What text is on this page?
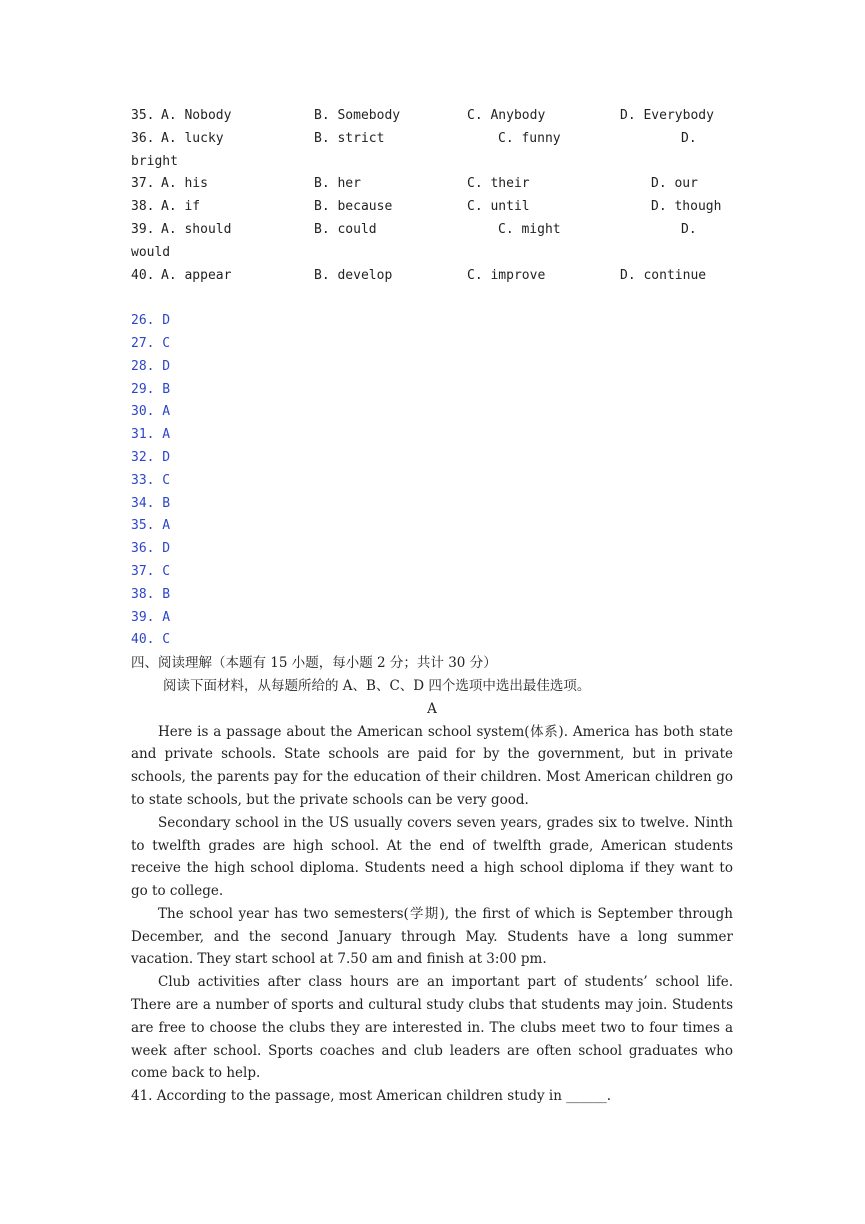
35. A. Nobody	B. Somebody	C. Anybody	D. Everybody
36. A. lucky	B. strict	C. funny	D.
bright
37. A. his	B. her	C. their	D. our
38. A. if	B. because	C. until	D. though
39. A. should	B. could	C. might	D.
would
40. A. appear	B. develop	C. improve	D. continue
26. D
27. C
28. D
29. B
30. A
31. A
32. D
33. C
34. B
35. A
36. D
37. C
38. B
39. A
40. C
四、阅读理解（本题有 15 小题，每小题 2 分；共计 30 分）
阅读下面材料，从每题所给的 A、B、C、D 四个选项中选出最佳选项。
A

Here is a passage about the American school system(体系). America has both state and private schools. State schools are paid for by the government, but in private schools, the parents pay for the education of their children. Most American children go to state schools, but the private schools can be very good.

Secondary school in the US usually covers seven years, grades six to twelve. Ninth to twelfth grades are high school. At the end of twelfth grade, American students receive the high school diploma. Students need a high school diploma if they want to go to college.

The school year has two semesters(学期), the first of which is September through December, and the second January through May. Students have a long summer vacation. They start school at 7.50 am and finish at 3:00 pm.

Club activities after class hours are an important part of students’ school life. There are a number of sports and cultural study clubs that students may join. Students are free to choose the clubs they are interested in. The clubs meet two to four times a week after school. Sports coaches and club leaders are often school graduates who come back to help.

41. According to the passage, most American children study in ______.
